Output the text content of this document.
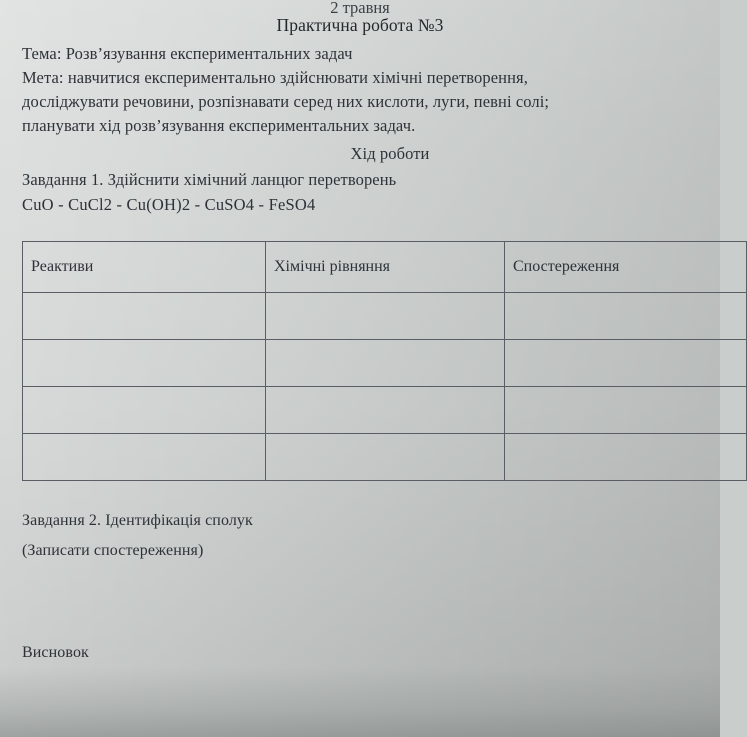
2 травня
Практична робота №3
Тема: Розв’язування експериментальних задач
Мета: навчитися експериментально здійснювати хімічні перетворення,
досліджувати речовини, розпізнавати серед них кислоти, луги, певні солі;
планувати хід розв’язування експериментальних задач.
Хід роботи
Завдання 1. Здійснити хімічний ланцюг перетворень
CuO - CuCl2 - Cu(OH)2 - CuSO4 - FeSO4
Реактиви	Хімічні рівняння	Спостереження

Завдання 2. Ідентифікація сполук

(Записати спостереження)

Висновок
